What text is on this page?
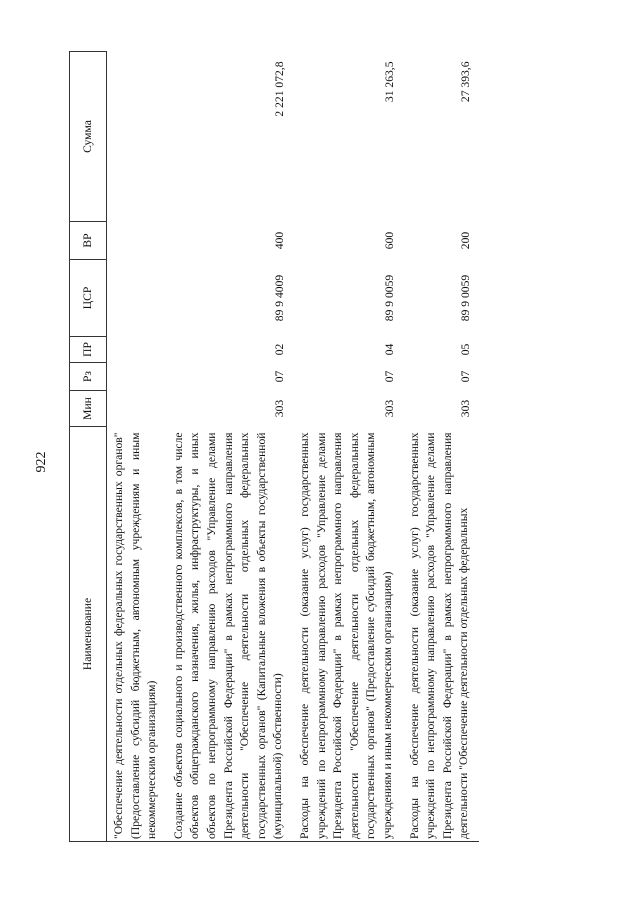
922
Наименование	Мин	Рз	ПР	ЦСР	ВР	Сумма
"Обеспечение деятельности отдельных федеральных государственных органов" (Предоставление субсидий бюджетным, автономным учреждениям и иным некоммерческим организациям)						
Создание объектов социального и производственного комплексов, в том числе объектов общегражданского назначения, жилья, инфраструктуры, и иных объектов по непрограммному направлению расходов "Управление делами Президента Российской Федерации" в рамках непрограммного направления деятельности "Обеспечение деятельности отдельных федеральных государственных органов" (Капитальные вложения в объекты государственной (муниципальной) собственности)	303	07	02	89 9 4009	400	2 221 072,8
Расходы на обеспечение деятельности (оказание услуг) государственных учреждений по непрограммному направлению расходов "Управление делами Президента Российской Федерации" в рамках непрограммного направления деятельности "Обеспечение деятельности отдельных федеральных государственных органов" (Предоставление субсидий бюджетным, автономным учреждениям и иным некоммерческим организациям)	303	07	04	89 9 0059	600	31 263,5
Расходы на обеспечение деятельности (оказание услуг) государственных учреждений по непрограммному направлению расходов "Управление делами Президента Российской Федерации" в рамках непрограммного направления деятельности "Обеспечение деятельности отдельных федеральных	303	07	05	89 9 0059	200	27 393,6
